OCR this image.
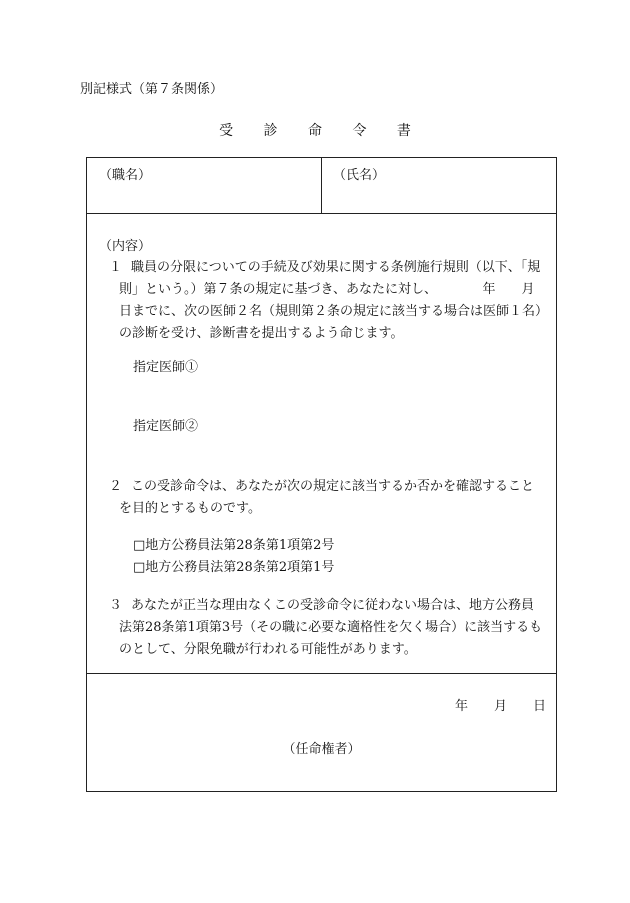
別記様式（第７条関係）
受 診 命 令 書
（職名）	（氏名）
（内容）
１ 職員の分限についての手続及び効果に関する条例施行規則（以下、「規
則」という。）第７条の規定に基づき、あなたに対し、　　　　年　　月
日までに、次の医師２名（規則第２条の規定に該当する場合は医師１名）
の診断を受け、診断書を提出するよう命じます。
指定医師①
指定医師②
２ この受診命令は、あなたが次の規定に該当するか否かを確認すること
を目的とするものです。
□地方公務員法第28条第1項第2号
□地方公務員法第28条第2項第1号
３ あなたが正当な理由なくこの受診命令に従わない場合は、地方公務員
法第28条第1項第3号（その職に必要な適格性を欠く場合）に該当するも
のとして、分限免職が行われる可能性があります。
年　　月　　日
（任命権者）
